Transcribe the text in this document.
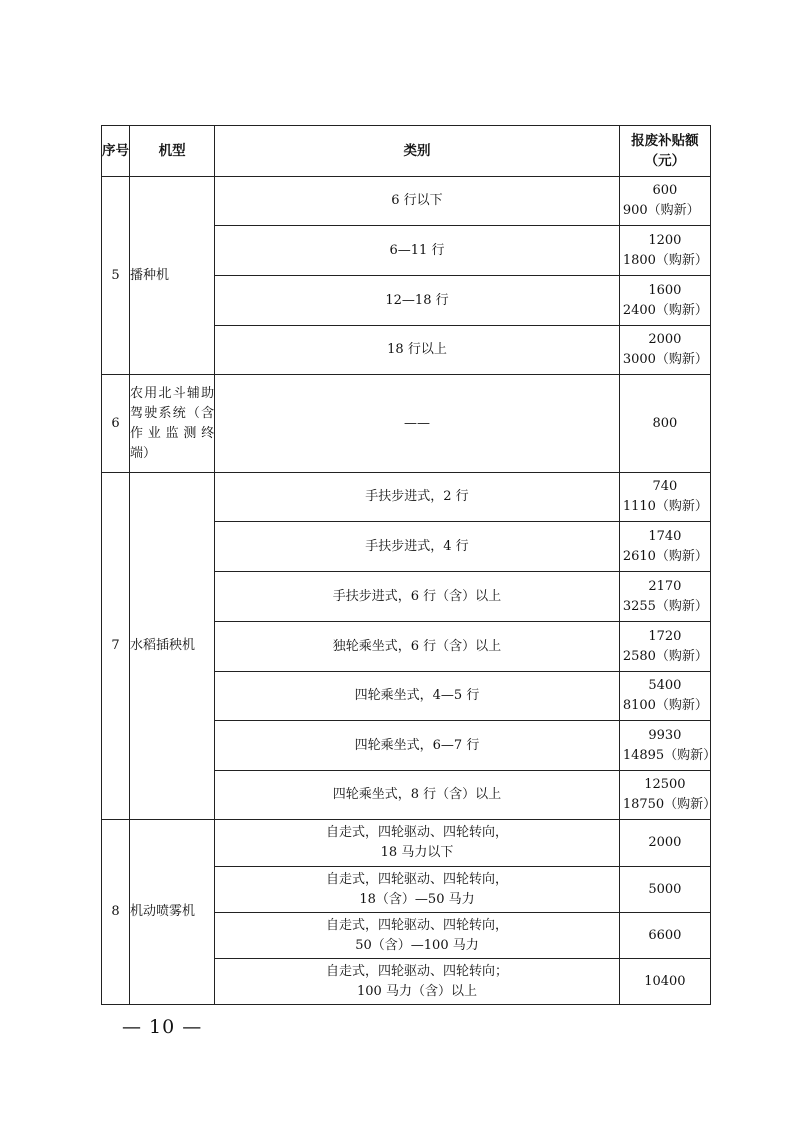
序号	机型	类别	报废补贴额
（元）

5	播种机	6 行以下	600
900（购新）

		6—11 行	1200
1800（购新）

		12—18 行	1600
2400（购新）

		18 行以上	2000
3000（购新）

6	农用北斗辅助
驾驶系统（含
作业监测终
端）	——	800
7	水稻插秧机	手扶步进式，2 行	740
1110（购新）

		手扶步进式，4 行	1740
2610（购新）

		手扶步进式，6 行（含）以上	2170
3255（购新）

		独轮乘坐式，6 行（含）以上	1720
2580（购新）

		四轮乘坐式，4—5 行	5400
8100（购新）

		四轮乘坐式，6—7 行	9930
14895（购新）

		四轮乘坐式，8 行（含）以上	12500
18750（购新）

8	机动喷雾机	自走式，四轮驱动、四轮转向，
18 马力以下	2000

		自走式，四轮驱动、四轮转向，
18（含）—50 马力	5000

		自走式，四轮驱动、四轮转向，
50（含）—100 马力	6600

		自走式，四轮驱动、四轮转向；
100 马力（含）以上	10400
— 10 —
